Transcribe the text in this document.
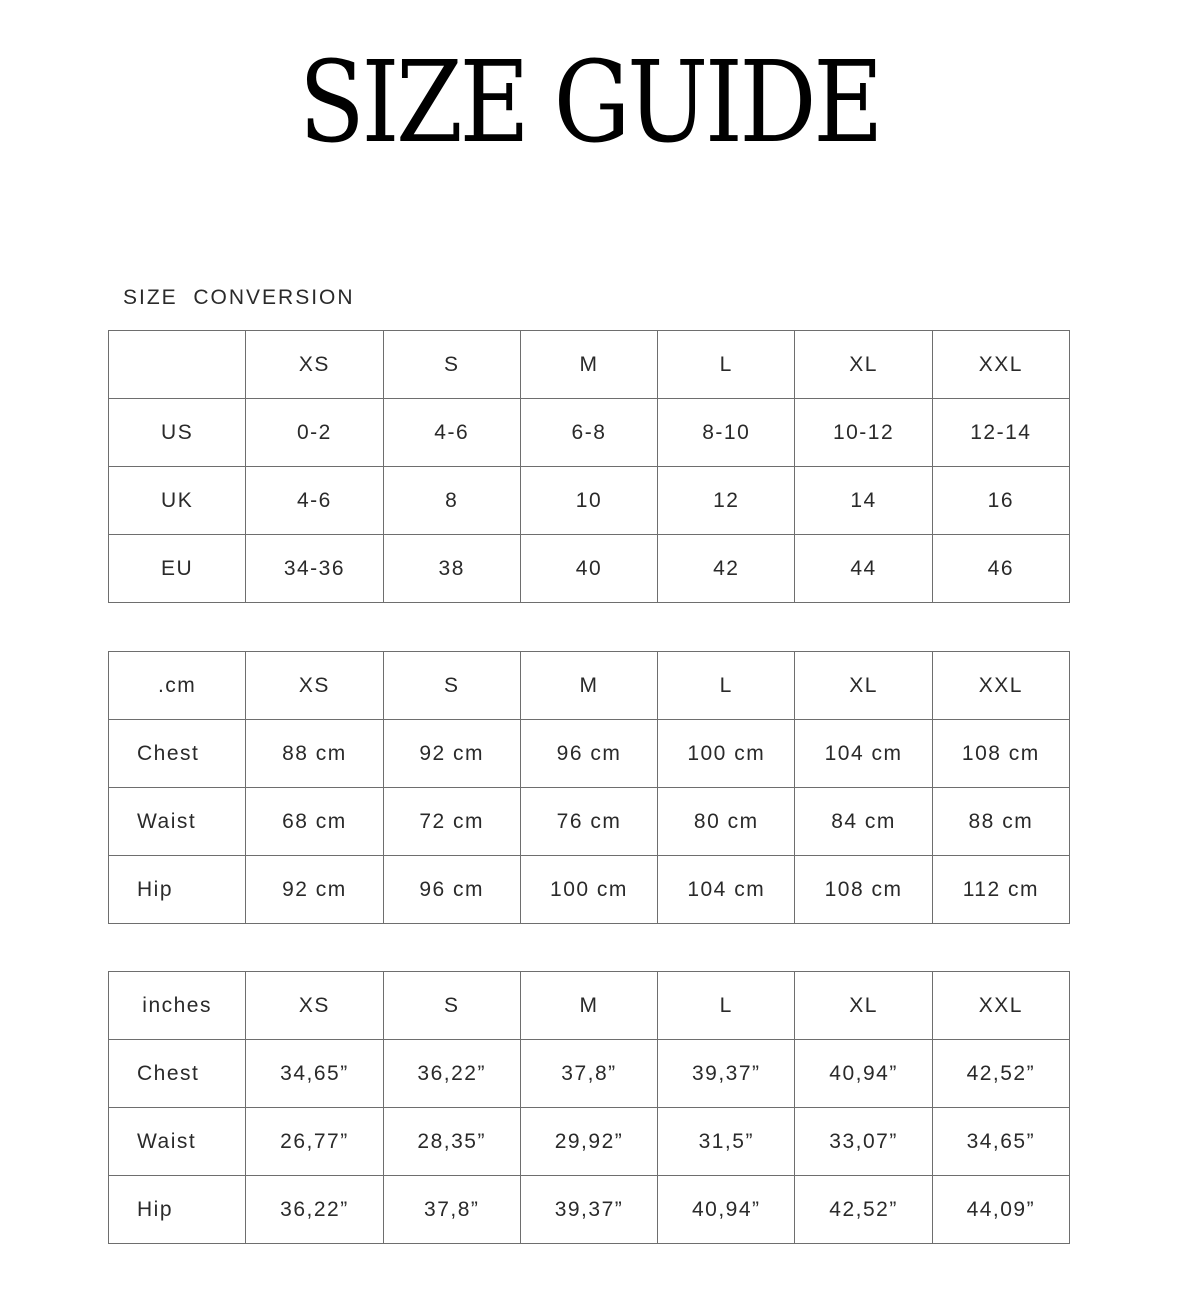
SIZE GUIDE
SIZE  CONVERSION
	XS	S	M	L	XL	XXL
US	0-2	4-6	6-8	8-10	10-12	12-14
UK	4-6	8	10	12	14	16
EU	34-36	38	40	42	44	46
.cm	XS	S	M	L	XL	XXL
Chest	88 cm	92 cm	96 cm	100 cm	104 cm	108 cm
Waist	68 cm	72 cm	76 cm	80 cm	84 cm	88 cm
Hip	92 cm	96 cm	100 cm	104 cm	108 cm	112 cm
inches	XS	S	M	L	XL	XXL
Chest	34,65”	36,22”	37,8”	39,37”	40,94”	42,52”
Waist	26,77”	28,35”	29,92”	31,5”	33,07”	34,65”
Hip	36,22”	37,8”	39,37”	40,94”	42,52”	44,09”
